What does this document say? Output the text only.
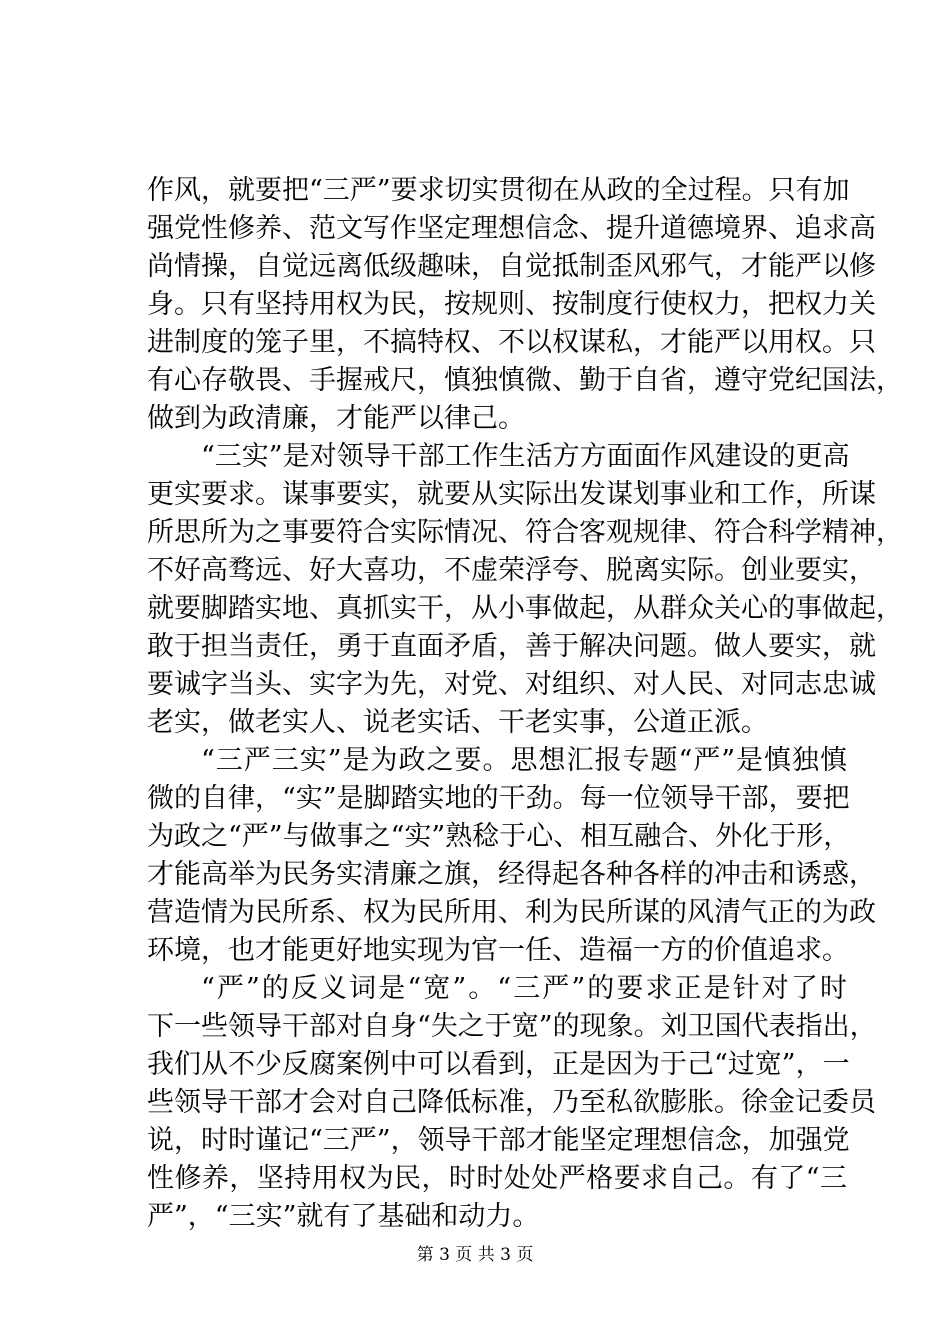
作风，就要把“三严”要求切实贯彻在从政的全过程。只有加
强党性修养、范文写作坚定理想信念、提升道德境界、追求高
尚情操，自觉远离低级趣味，自觉抵制歪风邪气，才能严以修
身。只有坚持用权为民，按规则、按制度行使权力，把权力关
进制度的笼子里，不搞特权、不以权谋私，才能严以用权。只
有心存敬畏、手握戒尺，慎独慎微、勤于自省，遵守党纪国法，
做到为政清廉，才能严以律己。
“三实”是对领导干部工作生活方方面面作风建设的更高
更实要求。谋事要实，就要从实际出发谋划事业和工作，所谋
所思所为之事要符合实际情况、符合客观规律、符合科学精神，
不好高骛远、好大喜功，不虚荣浮夸、脱离实际。创业要实，
就要脚踏实地、真抓实干，从小事做起，从群众关心的事做起，
敢于担当责任，勇于直面矛盾，善于解决问题。做人要实，就
要诚字当头、实字为先，对党、对组织、对人民、对同志忠诚
老实，做老实人、说老实话、干老实事，公道正派。
“三严三实”是为政之要。思想汇报专题“严”是慎独慎
微的自律，“实”是脚踏实地的干劲。每一位领导干部，要把
为政之“严”与做事之“实”熟稔于心、相互融合、外化于形，
才能高举为民务实清廉之旗，经得起各种各样的冲击和诱惑，
营造情为民所系、权为民所用、利为民所谋的风清气正的为政
环境，也才能更好地实现为官一任、造福一方的价值追求。
“严”的反义词是“宽”。“三严”的要求正是针对了时
下一些领导干部对自身“失之于宽”的现象。刘卫国代表指出，
我们从不少反腐案例中可以看到，正是因为于己“过宽”，一
些领导干部才会对自己降低标准，乃至私欲膨胀。徐金记委员
说，时时谨记“三严”，领导干部才能坚定理想信念，加强党
性修养，坚持用权为民，时时处处严格要求自己。有了“三
严”，“三实”就有了基础和动力。
第 3 页 共 3 页
